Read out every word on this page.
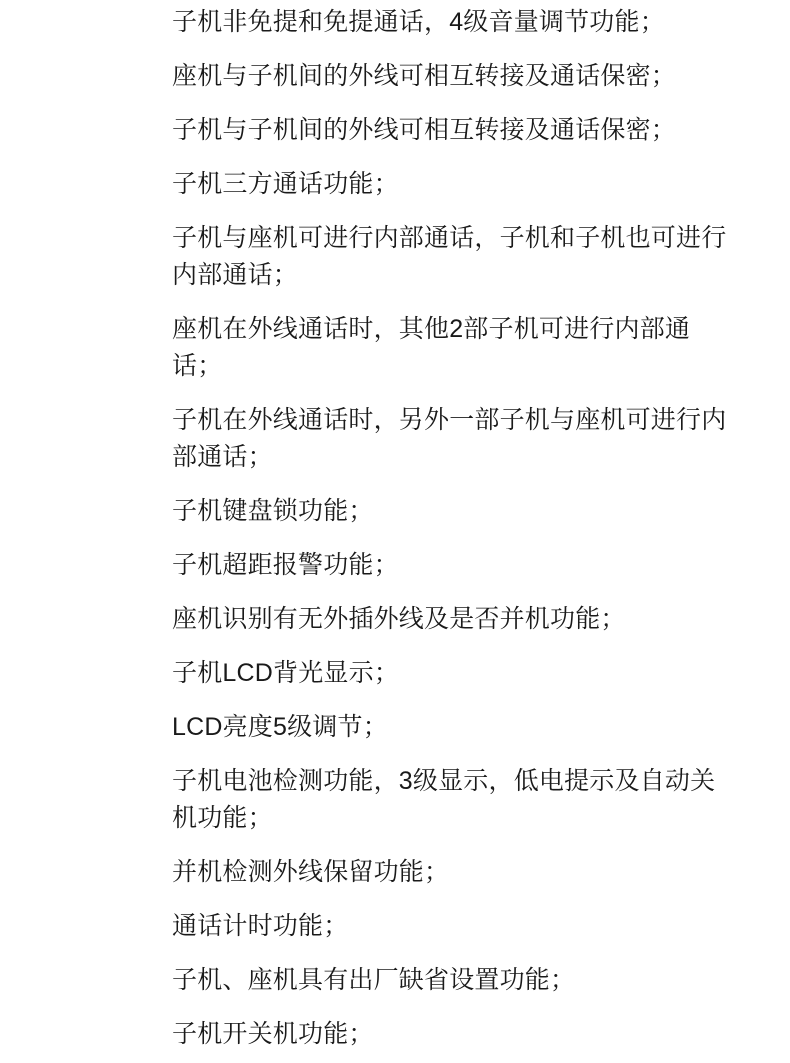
子机非免提和免提通话，4级音量调节功能；
座机与子机间的外线可相互转接及通话保密；
子机与子机间的外线可相互转接及通话保密；
子机三方通话功能；
子机与座机可进行内部通话，子机和子机也可进行内部通话；
座机在外线通话时，其他2部子机可进行内部通话；
子机在外线通话时，另外一部子机与座机可进行内部通话；
子机键盘锁功能；
子机超距报警功能；
座机识别有无外插外线及是否并机功能；
子机LCD背光显示；
LCD亮度5级调节；
子机电池检测功能，3级显示，低电提示及自动关机功能；
并机检测外线保留功能；
通话计时功能；
子机、座机具有出厂缺省设置功能；
子机开关机功能；
